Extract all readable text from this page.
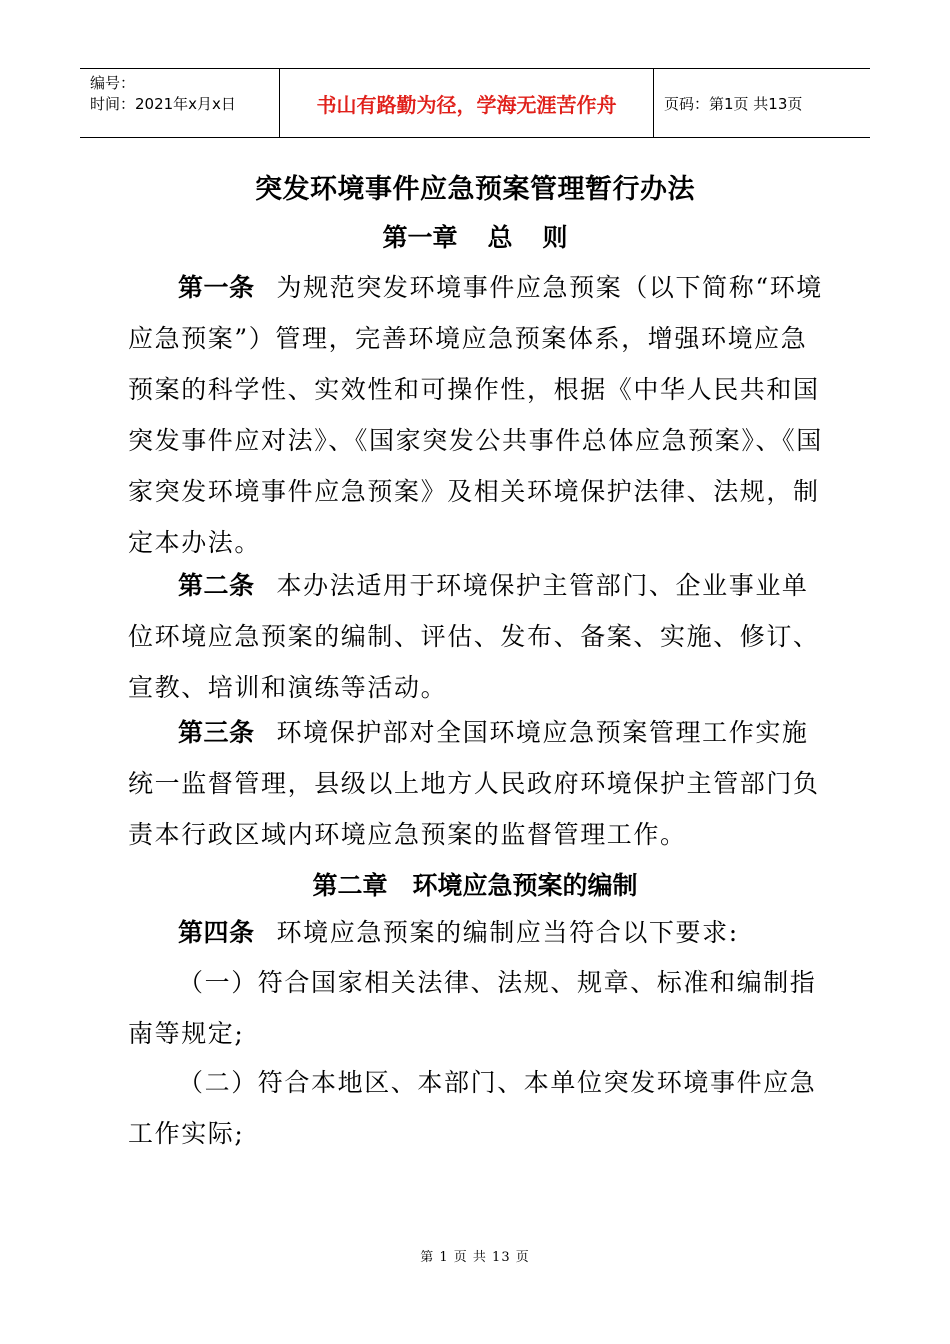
编号：
时间：2021年x月x日	书山有路勤为径，学海无涯苦作舟	页码：第1页 共13页
突发环境事件应急预案管理暂行办法
第一章 总 则

第一条 为规范突发环境事件应急预案（以下简称“环境应急预案”）管理，完善环境应急预案体系，增强环境应急预案的科学性、实效性和可操作性，根据《中华人民共和国突发事件应对法》、《国家突发公共事件总体应急预案》、《国家突发环境事件应急预案》及相关环境保护法律、法规，制定本办法。

第二条 本办法适用于环境保护主管部门、企业事业单位环境应急预案的编制、评估、发布、备案、实施、修订、宣教、培训和演练等活动。

第三条 环境保护部对全国环境应急预案管理工作实施统一监督管理，县级以上地方人民政府环境保护主管部门负责本行政区域内环境应急预案的监督管理工作。

第二章　环境应急预案的编制

第四条 环境应急预案的编制应当符合以下要求:

（一）符合国家相关法律、法规、规章、标准和编制指南等规定;

（二）符合本地区、本部门、本单位突发环境事件应急工作实际;

第 1 页 共 13 页
